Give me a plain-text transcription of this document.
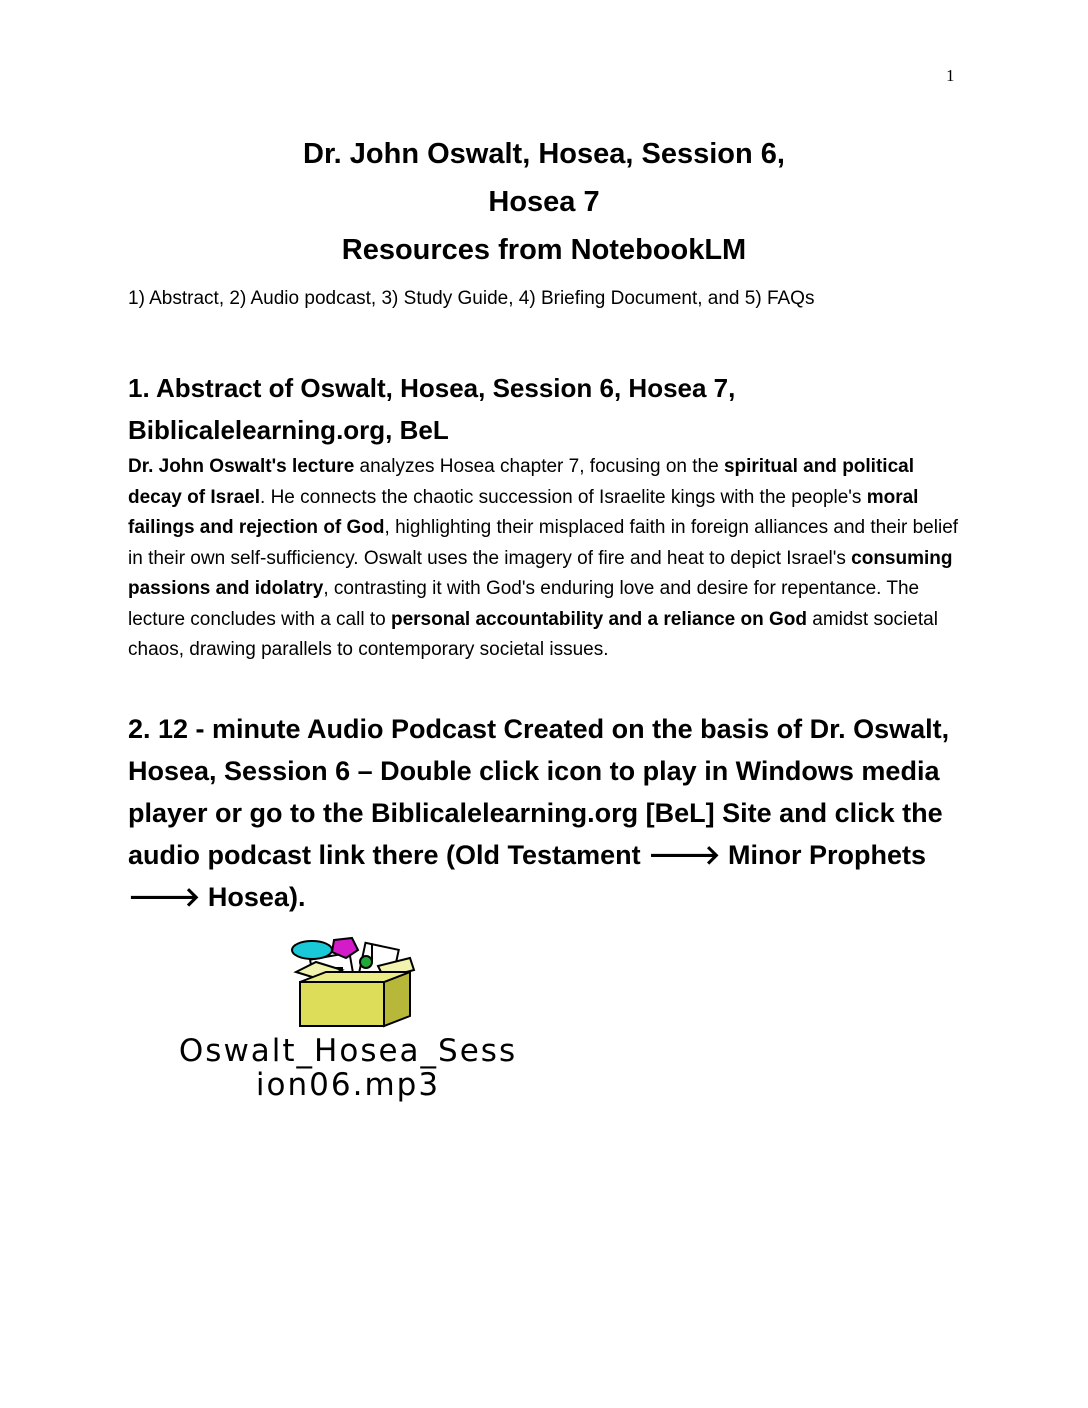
1
Dr. John Oswalt, Hosea, Session 6,
Hosea 7
Resources from NotebookLM
1) Abstract, 2) Audio podcast, 3) Study Guide, 4) Briefing Document, and 5) FAQs
1. Abstract of Oswalt, Hosea, Session 6, Hosea 7, Biblicalelearning.org, BeL
Dr. John Oswalt's lecture analyzes Hosea chapter 7, focusing on the spiritual and political decay of Israel. He connects the chaotic succession of Israelite kings with the people's moral failings and rejection of God, highlighting their misplaced faith in foreign alliances and their belief in their own self-sufficiency. Oswalt uses the imagery of fire and heat to depict Israel's consuming passions and idolatry, contrasting it with God's enduring love and desire for repentance. The lecture concludes with a call to personal accountability and a reliance on God amidst societal chaos, drawing parallels to contemporary societal issues.
2. 12 - minute Audio Podcast Created on the basis of Dr. Oswalt, Hosea, Session 6 – Double click icon to play in Windows media player or go to the Biblicalelearning.org [BeL] Site and click the audio podcast link there (Old Testament 🡒 Minor Prophets 🡒 Hosea).
Oswalt_Hosea_Sess
ion06.mp3
